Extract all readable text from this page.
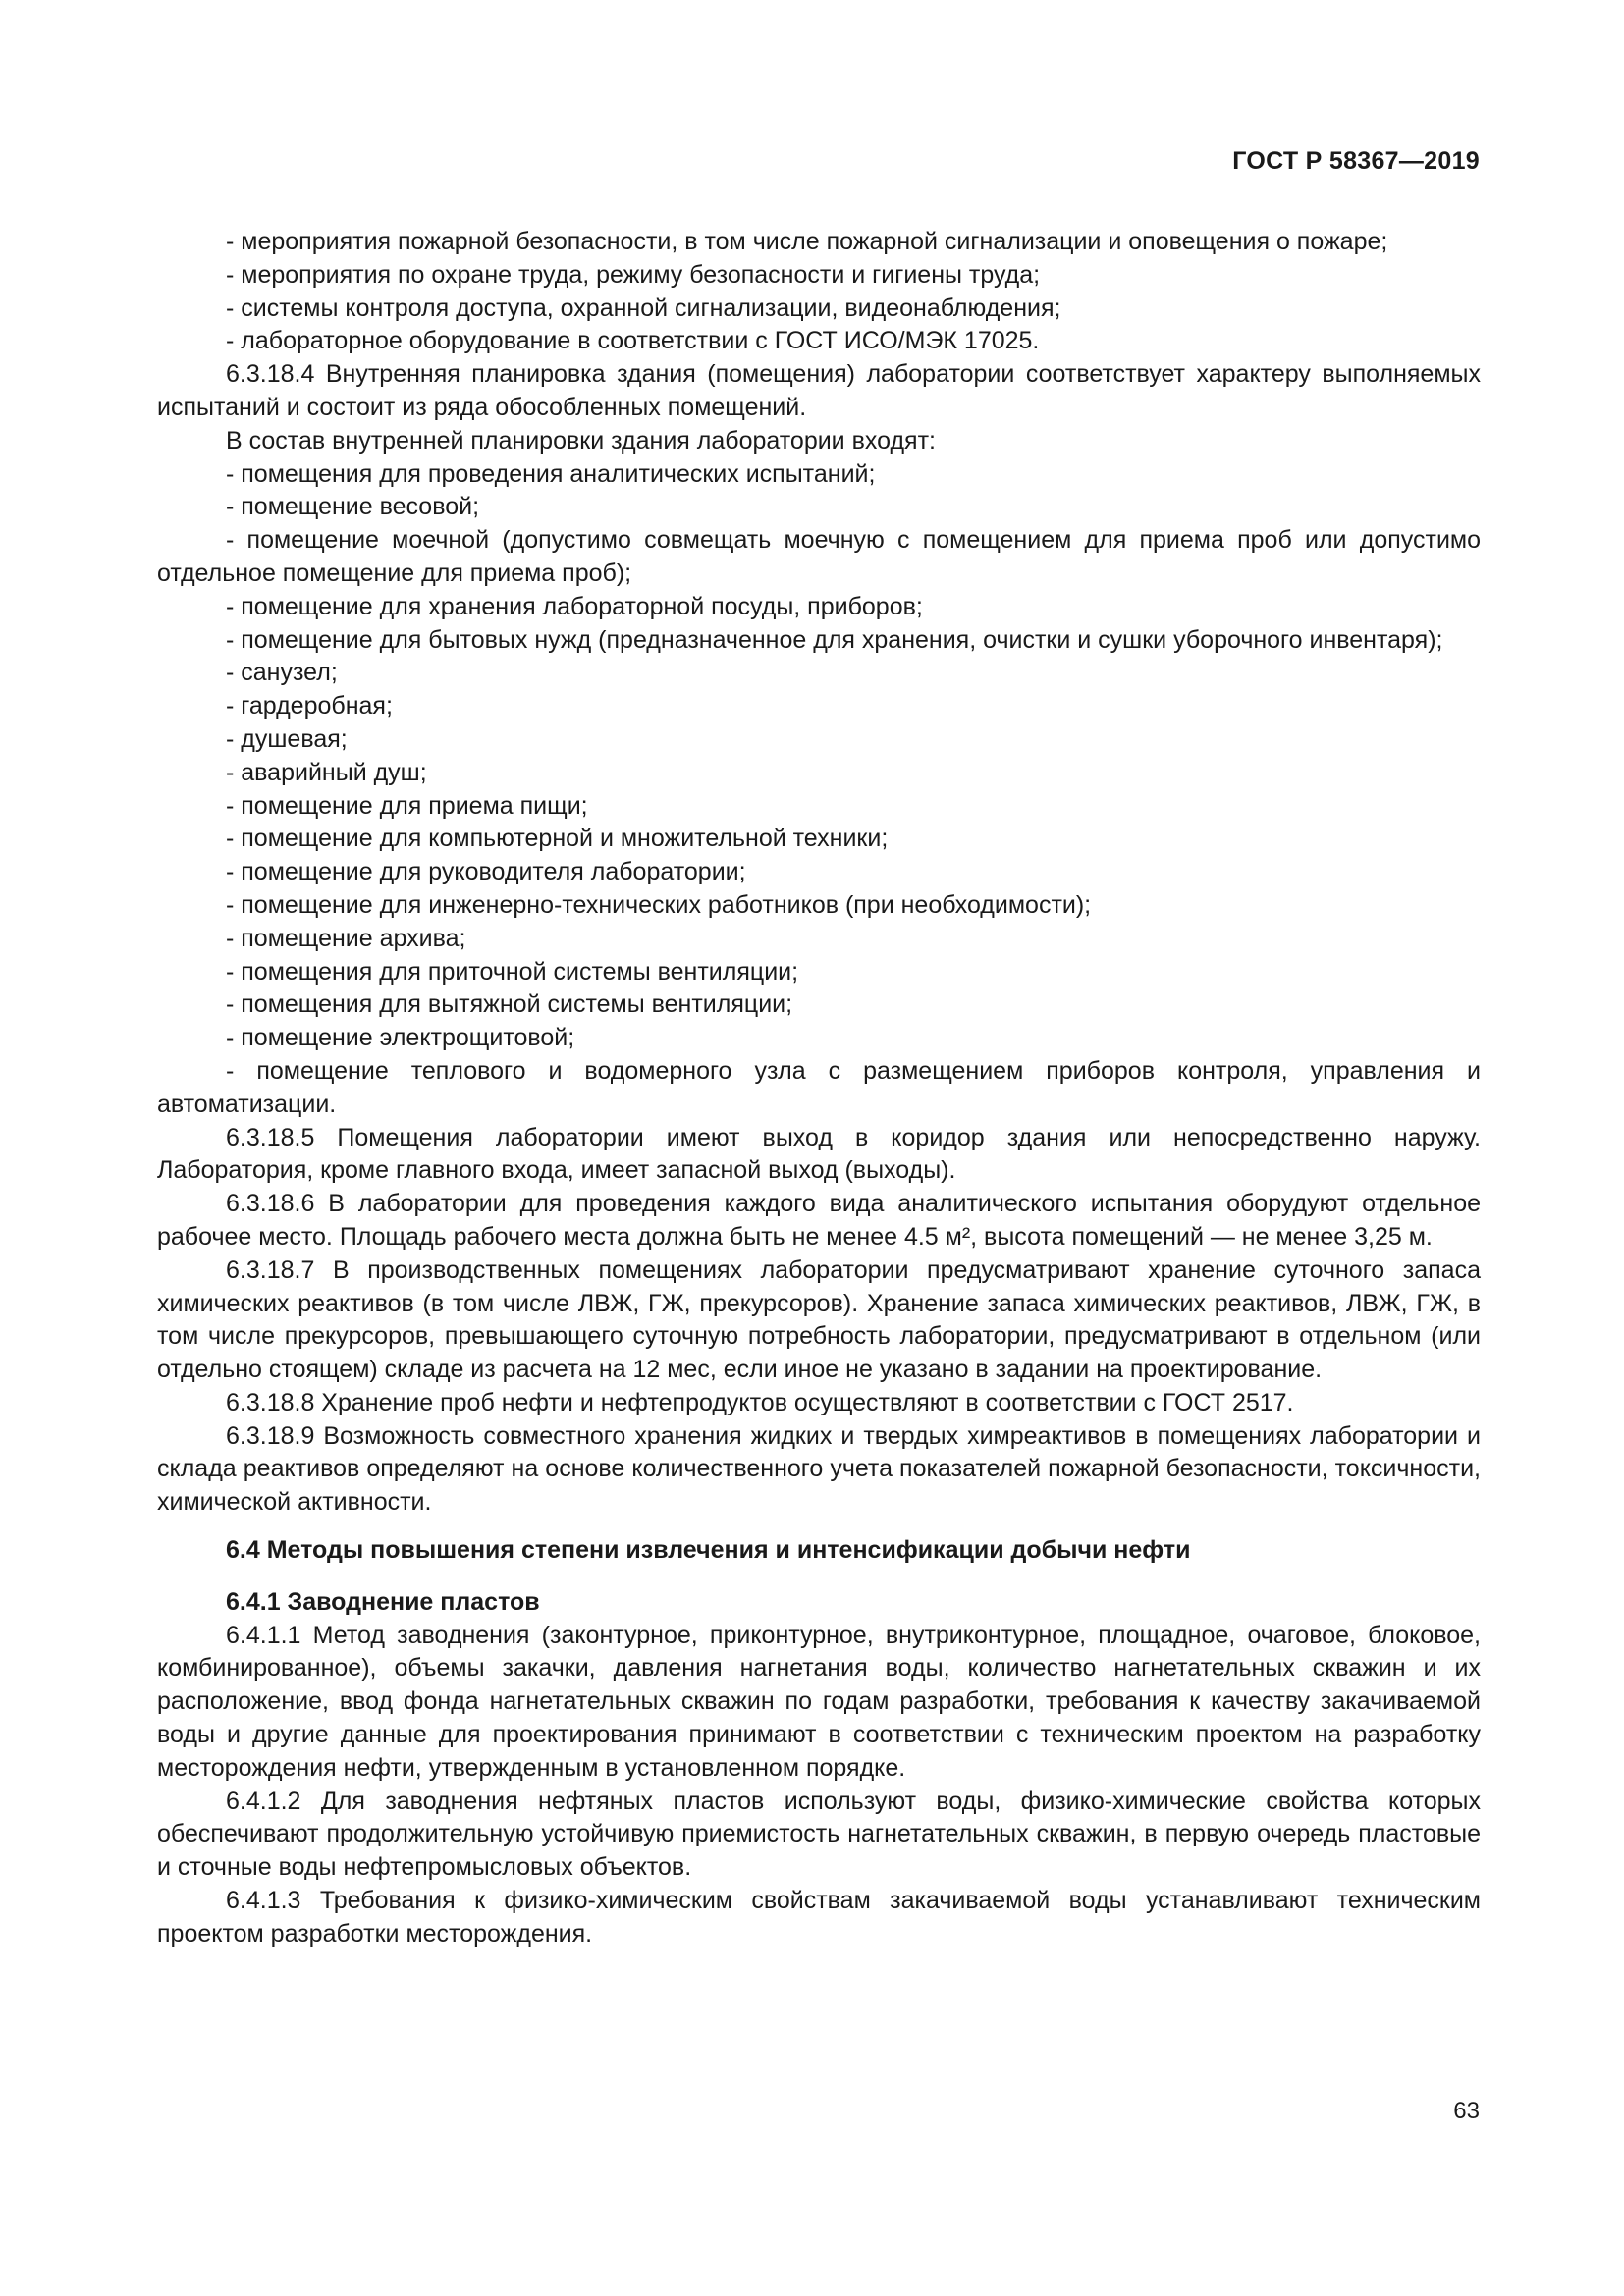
ГОСТ Р 58367—2019

- мероприятия пожарной безопасности, в том числе пожарной сигнализации и оповещения о пожаре;

- мероприятия по охране труда, режиму безопасности и гигиены труда;

- системы контроля доступа, охранной сигнализации, видеонаблюдения;

- лабораторное оборудование в соответствии с ГОСТ ИСО/МЭК 17025.

6.3.18.4 Внутренняя планировка здания (помещения) лаборатории соответствует характеру выполняемых испытаний и состоит из ряда обособленных помещений.

В состав внутренней планировки здания лаборатории входят:

- помещения для проведения аналитических испытаний;

- помещение весовой;

- помещение моечной (допустимо совмещать моечную с помещением для приема проб или допустимо отдельное помещение для приема проб);

- помещение для хранения лабораторной посуды, приборов;

- помещение для бытовых нужд (предназначенное для хранения, очистки и сушки уборочного инвентаря);

- санузел;

- гардеробная;

- душевая;

- аварийный душ;

- помещение для приема пищи;

- помещение для компьютерной и множительной техники;

- помещение для руководителя лаборатории;

- помещение для инженерно-технических работников (при необходимости);

- помещение архива;

- помещения для приточной системы вентиляции;

- помещения для вытяжной системы вентиляции;

- помещение электрощитовой;

- помещение теплового и водомерного узла с размещением приборов контроля, управления и автоматизации.

6.3.18.5 Помещения лаборатории имеют выход в коридор здания или непосредственно наружу. Лаборатория, кроме главного входа, имеет запасной выход (выходы).

6.3.18.6 В лаборатории для проведения каждого вида аналитического испытания оборудуют отдельное рабочее место. Площадь рабочего места должна быть не менее 4.5 м², высота помещений — не менее 3,25 м.

6.3.18.7 В производственных помещениях лаборатории предусматривают хранение суточного запаса химических реактивов (в том числе ЛВЖ, ГЖ, прекурсоров). Хранение запаса химических реактивов, ЛВЖ, ГЖ, в том числе прекурсоров, превышающего суточную потребность лаборатории, предусматривают в отдельном (или отдельно стоящем) складе из расчета на 12 мес, если иное не указано в задании на проектирование.

6.3.18.8 Хранение проб нефти и нефтепродуктов осуществляют в соответствии с ГОСТ 2517.

6.3.18.9 Возможность совместного хранения жидких и твердых химреактивов в помещениях лаборатории и склада реактивов определяют на основе количественного учета показателей пожарной безопасности, токсичности, химической активности.

6.4 Методы повышения степени извлечения и интенсификации добычи нефти

6.4.1 Заводнение пластов

6.4.1.1 Метод заводнения (законтурное, приконтурное, внутриконтурное, площадное, очаговое, блоковое, комбинированное), объемы закачки, давления нагнетания воды, количество нагнетательных скважин и их расположение, ввод фонда нагнетательных скважин по годам разработки, требования к качеству закачиваемой воды и другие данные для проектирования принимают в соответствии с техническим проектом на разработку месторождения нефти, утвержденным в установленном порядке.

6.4.1.2 Для заводнения нефтяных пластов используют воды, физико-химические свойства которых обеспечивают продолжительную устойчивую приемистость нагнетательных скважин, в первую очередь пластовые и сточные воды нефтепромысловых объектов.

6.4.1.3 Требования к физико-химическим свойствам закачиваемой воды устанавливают техническим проектом разработки месторождения.

63
